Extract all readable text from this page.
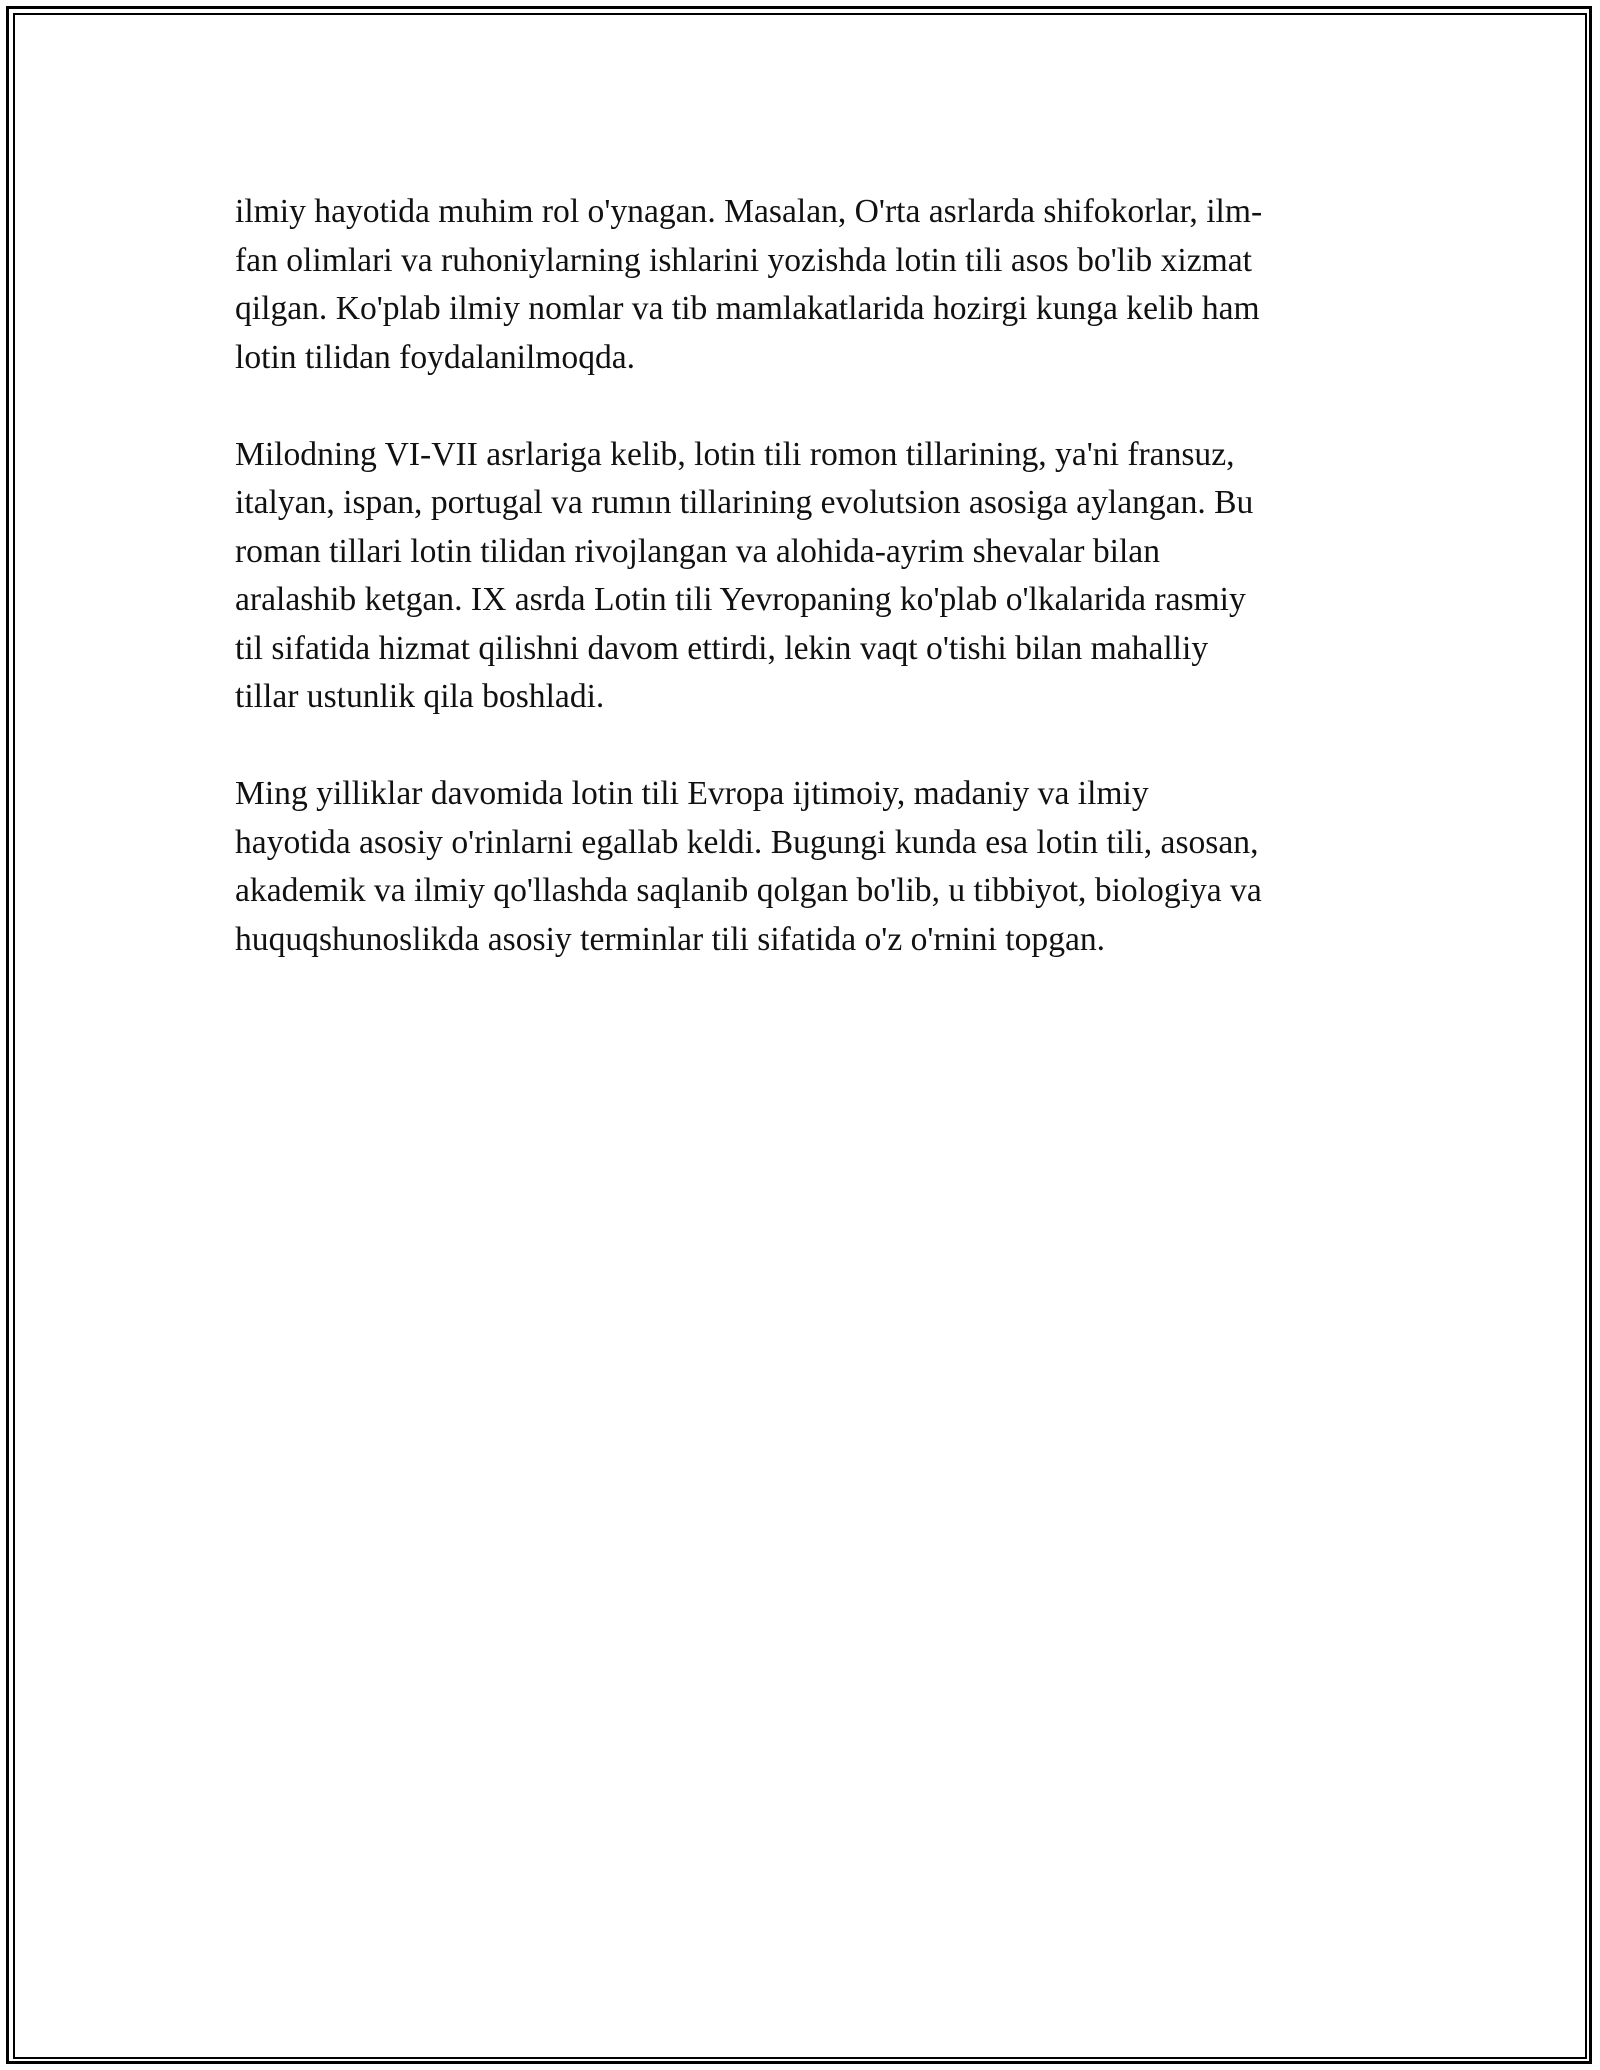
ilmiy hayotida muhim rol o'ynagan. Masalan, O'rta asrlarda shifokorlar, ilm-
fan olimlari va ruhoniylarning ishlarini yozishda lotin tili asos bo'lib xizmat
qilgan. Ko'plab ilmiy nomlar va tib mamlakatlarida hozirgi kunga kelib ham
lotin tilidan foydalanilmoqda.

Milodning VI-VII asrlariga kelib, lotin tili romon tillarining, ya'ni fransuz,
italyan, ispan, portugal va rumın tillarining evolutsion asosiga aylangan. Bu
roman tillari lotin tilidan rivojlangan va alohida-ayrim shevalar bilan
aralashib ketgan. IX asrda Lotin tili Yevropaning ko'plab o'lkalarida rasmiy
til sifatida hizmat qilishni davom ettirdi, lekin vaqt o'tishi bilan mahalliy
tillar ustunlik qila boshladi.

Ming yilliklar davomida lotin tili Evropa ijtimoiy, madaniy va ilmiy
hayotida asosiy o'rinlarni egallab keldi. Bugungi kunda esa lotin tili, asosan,
akademik va ilmiy qo'llashda saqlanib qolgan bo'lib, u tibbiyot, biologiya va
huquqshunoslikda asosiy terminlar tili sifatida o'z o'rnini topgan.
